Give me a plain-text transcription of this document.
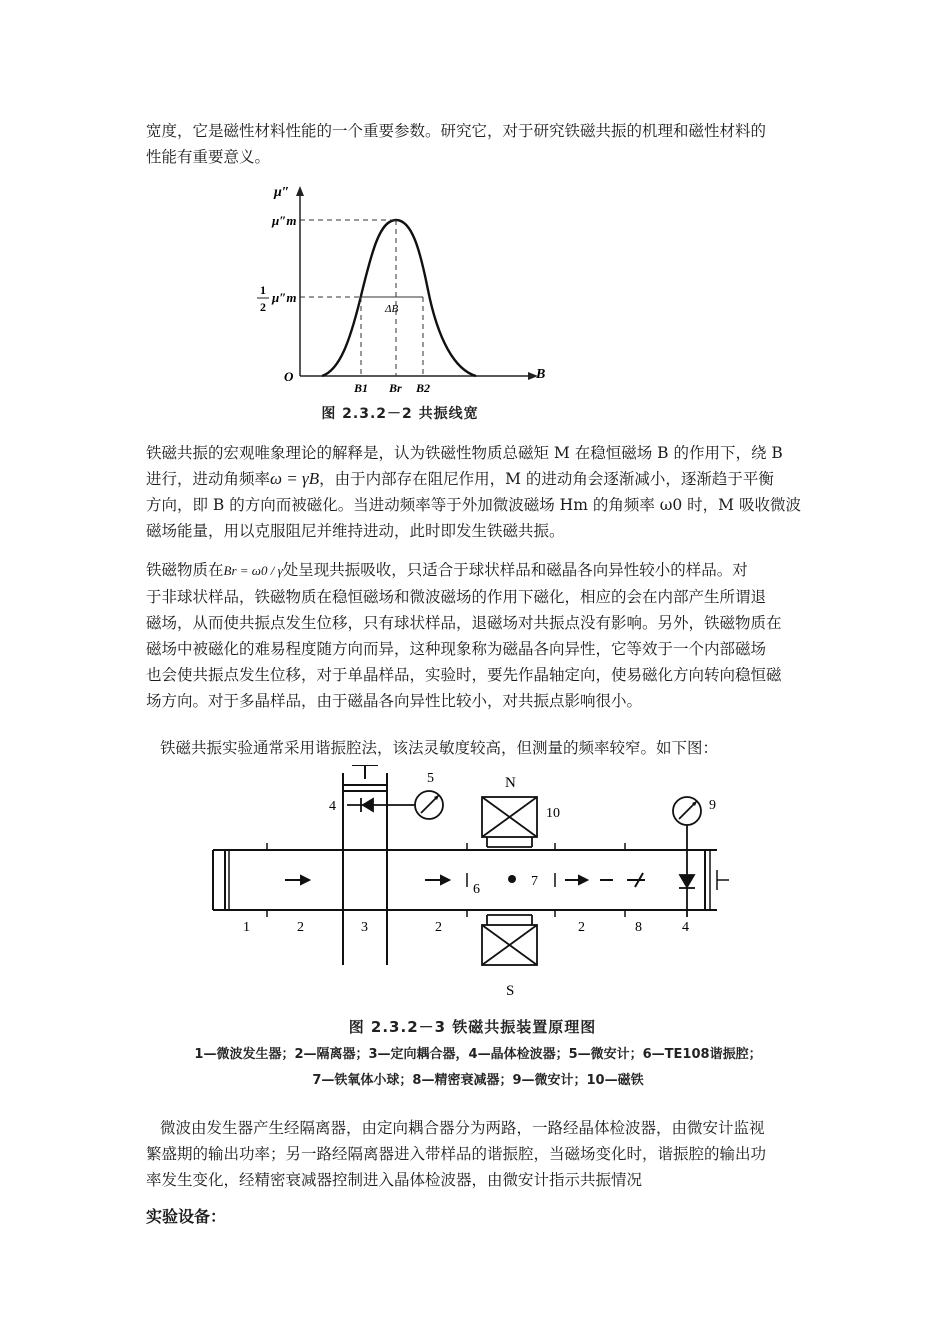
宽度，它是磁性材料性能的一个重要参数。研究它，对于研究铁磁共振的机理和磁性材料的
性能有重要意义。

μ″
μ″m
1
2
μ″m
O	B
B1 Br B2
ΔB
图 2.3.2－2 共振线宽

铁磁共振的宏观唯象理论的解释是，认为铁磁性物质总磁矩 M 在稳恒磁场 B 的作用下，绕 B
进行，进动角频率ω = γB，由于内部存在阻尼作用，M 的进动角会逐渐减小，逐渐趋于平衡
方向，即 B 的方向而被磁化。当进动频率等于外加微波磁场 Hm 的角频率 ω0 时，M 吸收微波
磁场能量，用以克服阻尼并维持进动，此时即发生铁磁共振。

铁磁物质在Br = ω0 / γ处呈现共振吸收，只适合于球状样品和磁晶各向异性较小的样品。对
于非球状样品，铁磁物质在稳恒磁场和微波磁场的作用下磁化，相应的会在内部产生所谓退
磁场，从而使共振点发生位移，只有球状样品，退磁场对共振点没有影响。另外，铁磁物质在
磁场中被磁化的难易程度随方向而异，这种现象称为磁晶各向异性，它等效于一个内部磁场
也会使共振点发生位移，对于单晶样品，实验时，要先作晶轴定向，使易磁化方向转向稳恒磁
场方向。对于多晶样品，由于磁晶各向异性比较小，对共振点影响很小。

铁磁共振实验通常采用谐振腔法，该法灵敏度较高，但测量的频率较窄。如下图：

N
S
1	2	3	2
6
7
2	8	4
4
5
9
10
图 2.3.2－3 铁磁共振装置原理图
1—微波发生器；2—隔离器；3—定向耦合器，4—晶体检波器；5—微安计；6—TE108谐振腔；
7—铁氧体小球；8—精密衰减器；9—微安计；10—磁铁

微波由发生器产生经隔离器，由定向耦合器分为两路，一路经晶体检波器，由微安计监视
繁盛期的输出功率；另一路经隔离器进入带样品的谐振腔，当磁场变化时，谐振腔的输出功
率发生变化，经精密衰减器控制进入晶体检波器，由微安计指示共振情况

实验设备：
